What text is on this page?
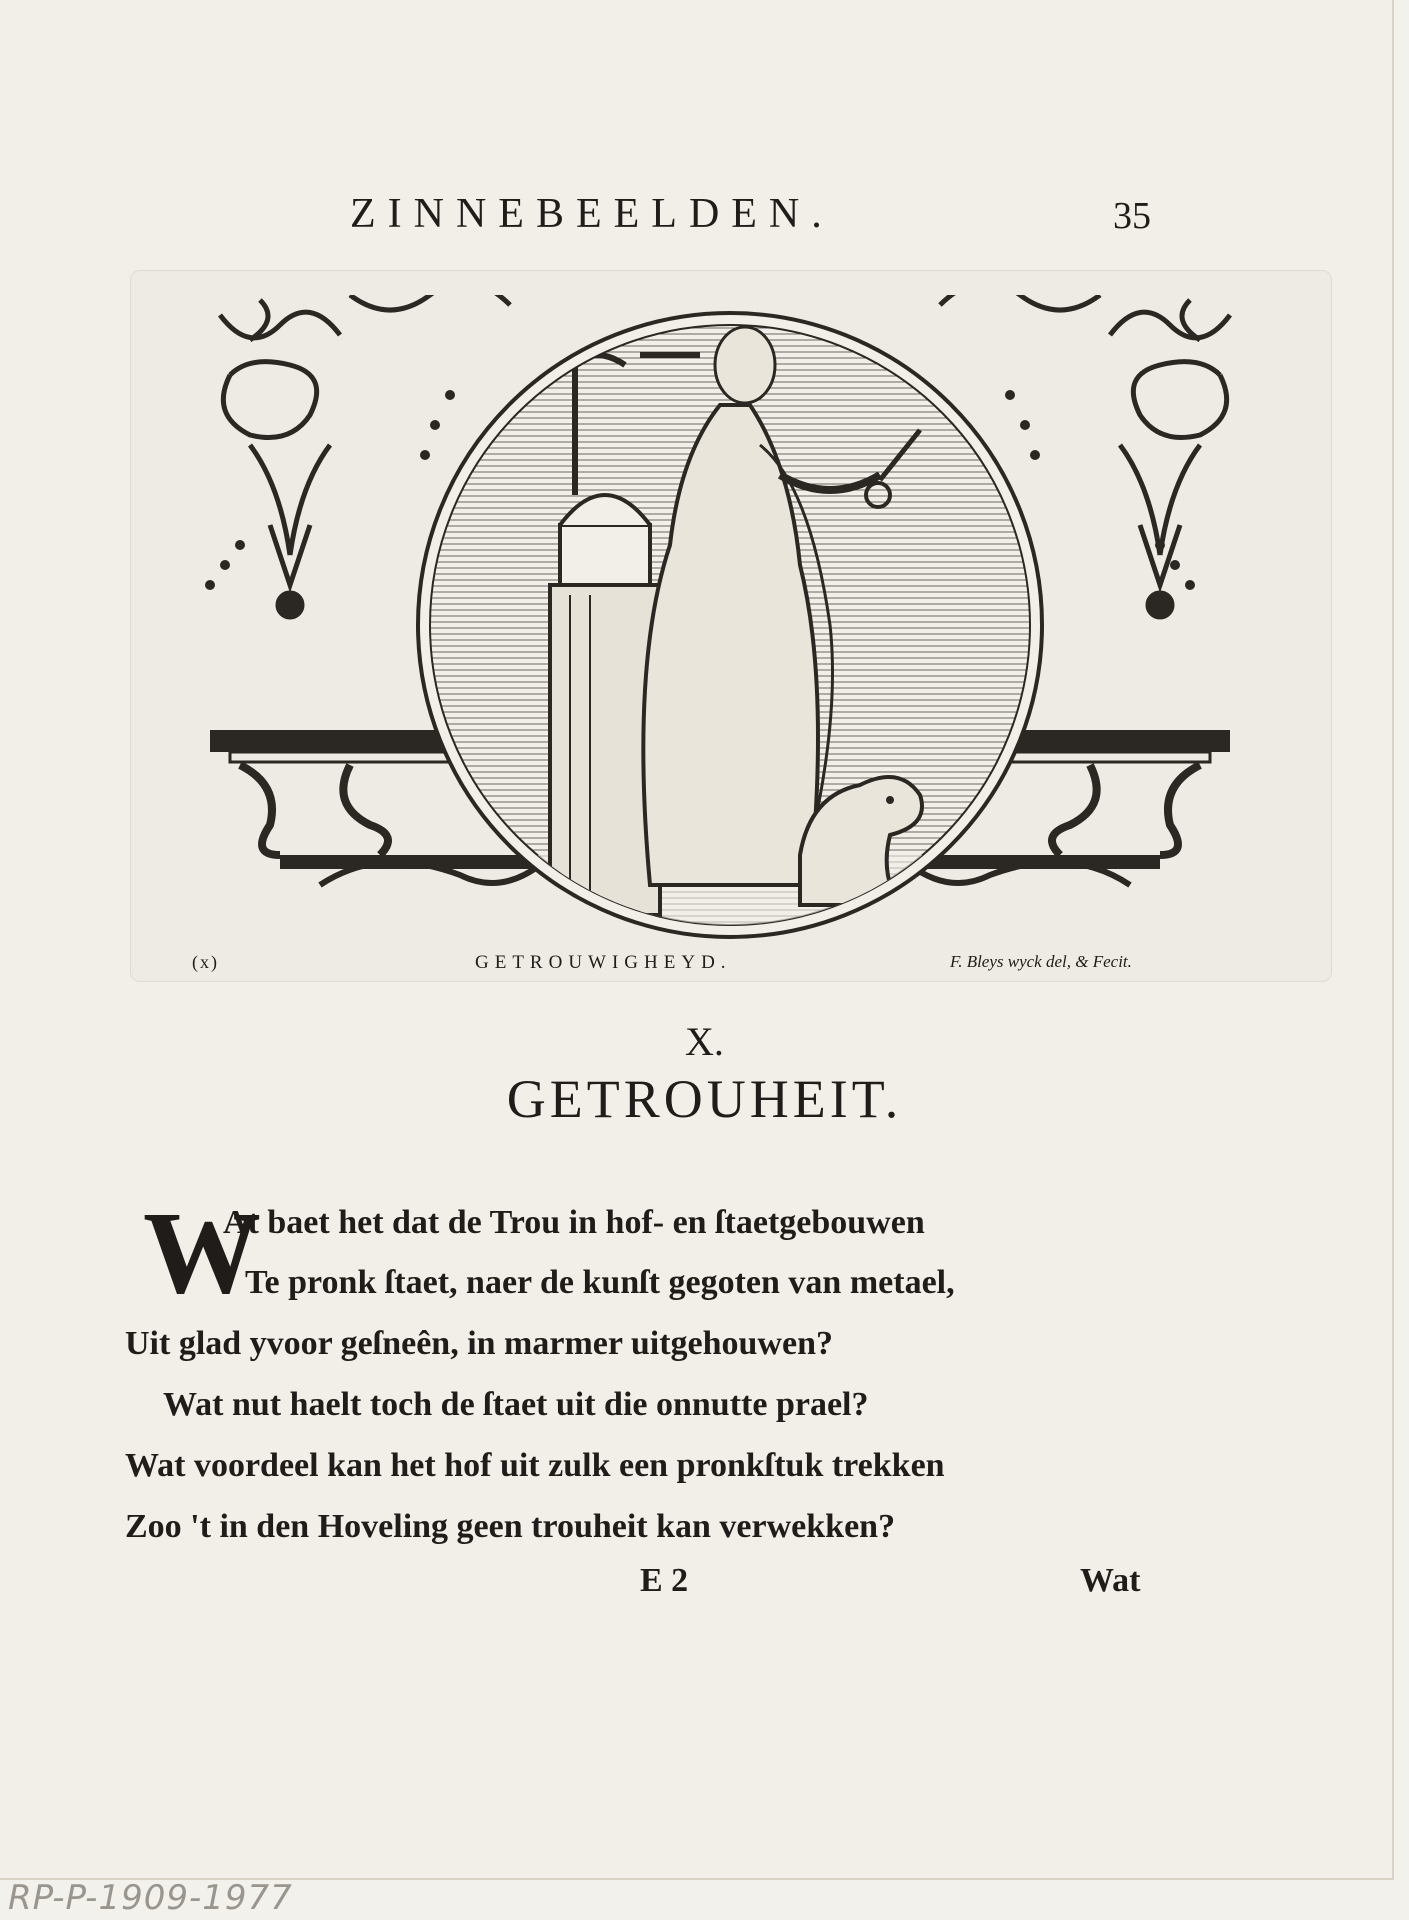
ZINNEBEELDEN.	35
(x)	GETROUWIGHEYD.	F. Bleys wyck del, & Fecit.
X.
GETROUHEIT.
W
At baet het dat de Trou in hof- en ſtaetgebouwen
Te pronk ſtaet, naer de kunſt gegoten van metael,
Uit glad yvoor geſneên, in marmer uitgehouwen?
Wat nut haelt toch de ſtaet uit die onnutte prael?
Wat voordeel kan het hof uit zulk een pronkſtuk trekken
Zoo 't in den Hoveling geen trouheit kan verwekken?
E 2	Wat
RP-P-1909-1977
